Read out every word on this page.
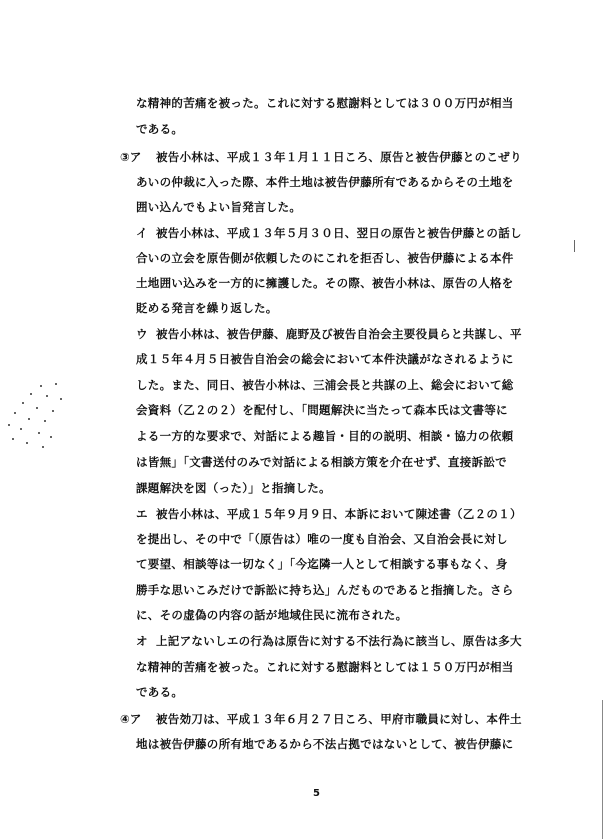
な精神的苦痛を被った。これに対する慰謝料としては３００万円が相当
である。
③ア 被告小林は、平成１３年１月１１日ころ、原告と被告伊藤とのこぜり
あいの仲裁に入った際、本件土地は被告伊藤所有であるからその土地を
囲い込んでもよい旨発言した。
イ 被告小林は、平成１３年５月３０日、翌日の原告と被告伊藤との話し
合いの立会を原告側が依頼したのにこれを拒否し、被告伊藤による本件
土地囲い込みを一方的に擁護した。その際、被告小林は、原告の人格を
貶める発言を繰り返した。
ウ 被告小林は、被告伊藤、鹿野及び被告自治会主要役員らと共謀し、平
成１５年４月５日被告自治会の総会において本件決議がなされるように
した。また、同日、被告小林は、三浦会長と共謀の上、総会において総
会資料（乙２の２）を配付し、「問題解決に当たって森本氏は文書等に
よる一方的な要求で、対話による趣旨・目的の説明、相談・協力の依頼
は皆無」「文書送付のみで対話による相談方策を介在せず、直接訴訟で
課題解決を図（った）」と指摘した。
エ 被告小林は、平成１５年９月９日、本訴において陳述書（乙２の１）
を提出し、その中で「（原告は）唯の一度も自治会、又自治会長に対し
て要望、相談等は一切なく」「今迄隣一人として相談する事もなく、身
勝手な思いこみだけで訴訟に持ち込」んだものであると指摘した。さら
に、その虚偽の内容の話が地域住民に流布された。
オ 上記アないしエの行為は原告に対する不法行為に該当し、原告は多大
な精神的苦痛を被った。これに対する慰謝料としては１５０万円が相当
である。
④ア 被告効刀は、平成１３年６月２７日ころ、甲府市職員に対し、本件土
地は被告伊藤の所有地であるから不法占拠ではないとして、被告伊藤に
5
